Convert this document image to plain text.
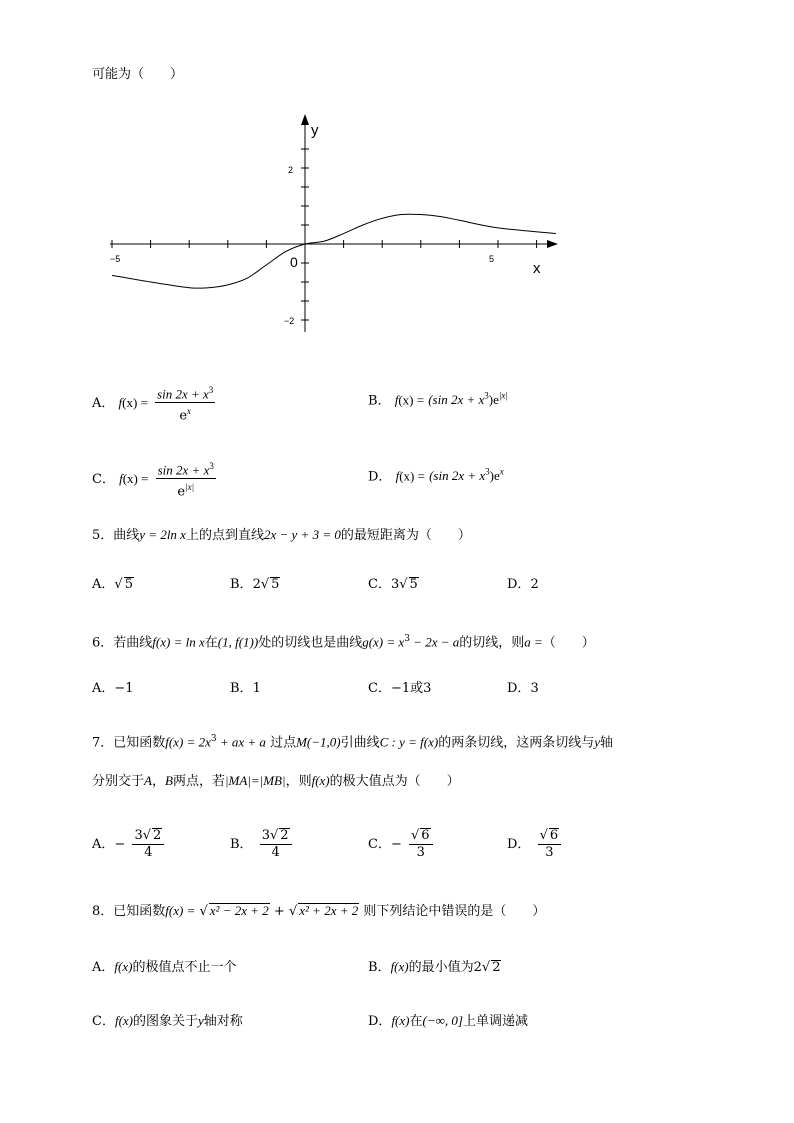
可能为（　　）
y
x
0
2
−2
−5	5
A． $f(x) = \frac{\sin 2x + x^3}{e^x}$	B． f(x) = (sin $2x + x^3)e^{|x|}$
C． $f(x) = \frac{\sin 2x + x^3}{e^{|x|}}$	D． f(x) = (sin $2x + x^3)e^x$
5．曲线y = 2ln x上的点到直线2x − y + 3 = 0的最短距离为（　　）
A．√ 5	B．2√ 5	C．3√ 5	D．2
6．若曲线f(x) = ln x在(1, f(1))处的切线也是曲线$g(x) = x^3 - 2x - a$的切线，则a =（　　）
A．−1	B．1	C．−1或3	D．3
7．已知函数$f(x) = 2x^3$ + ax + a 过点M(−1,0)引曲线C : y = f(x)的两条切线，这两条切线与y轴
分别交于A，B两点，若|MA|=|MB|，则f(x)的极大值点为（　　）
A．− $\frac{3√ 2}{4}$	B． $\frac{3√ 2}{4}$	C．− $\frac{√ 6}{3}$	D． $\frac{√ 6}{3}$
8．已知函数f(x) = √ x² − 2x + 2 + √ x² + 2x + 2 则下列结论中错误的是（　　）
A．f(x)的极值点不止一个	B．f(x)的最小值为2√ 2
C．f(x)的图象关于y轴对称	D．f(x)在(−∞, 0]上单调递减
